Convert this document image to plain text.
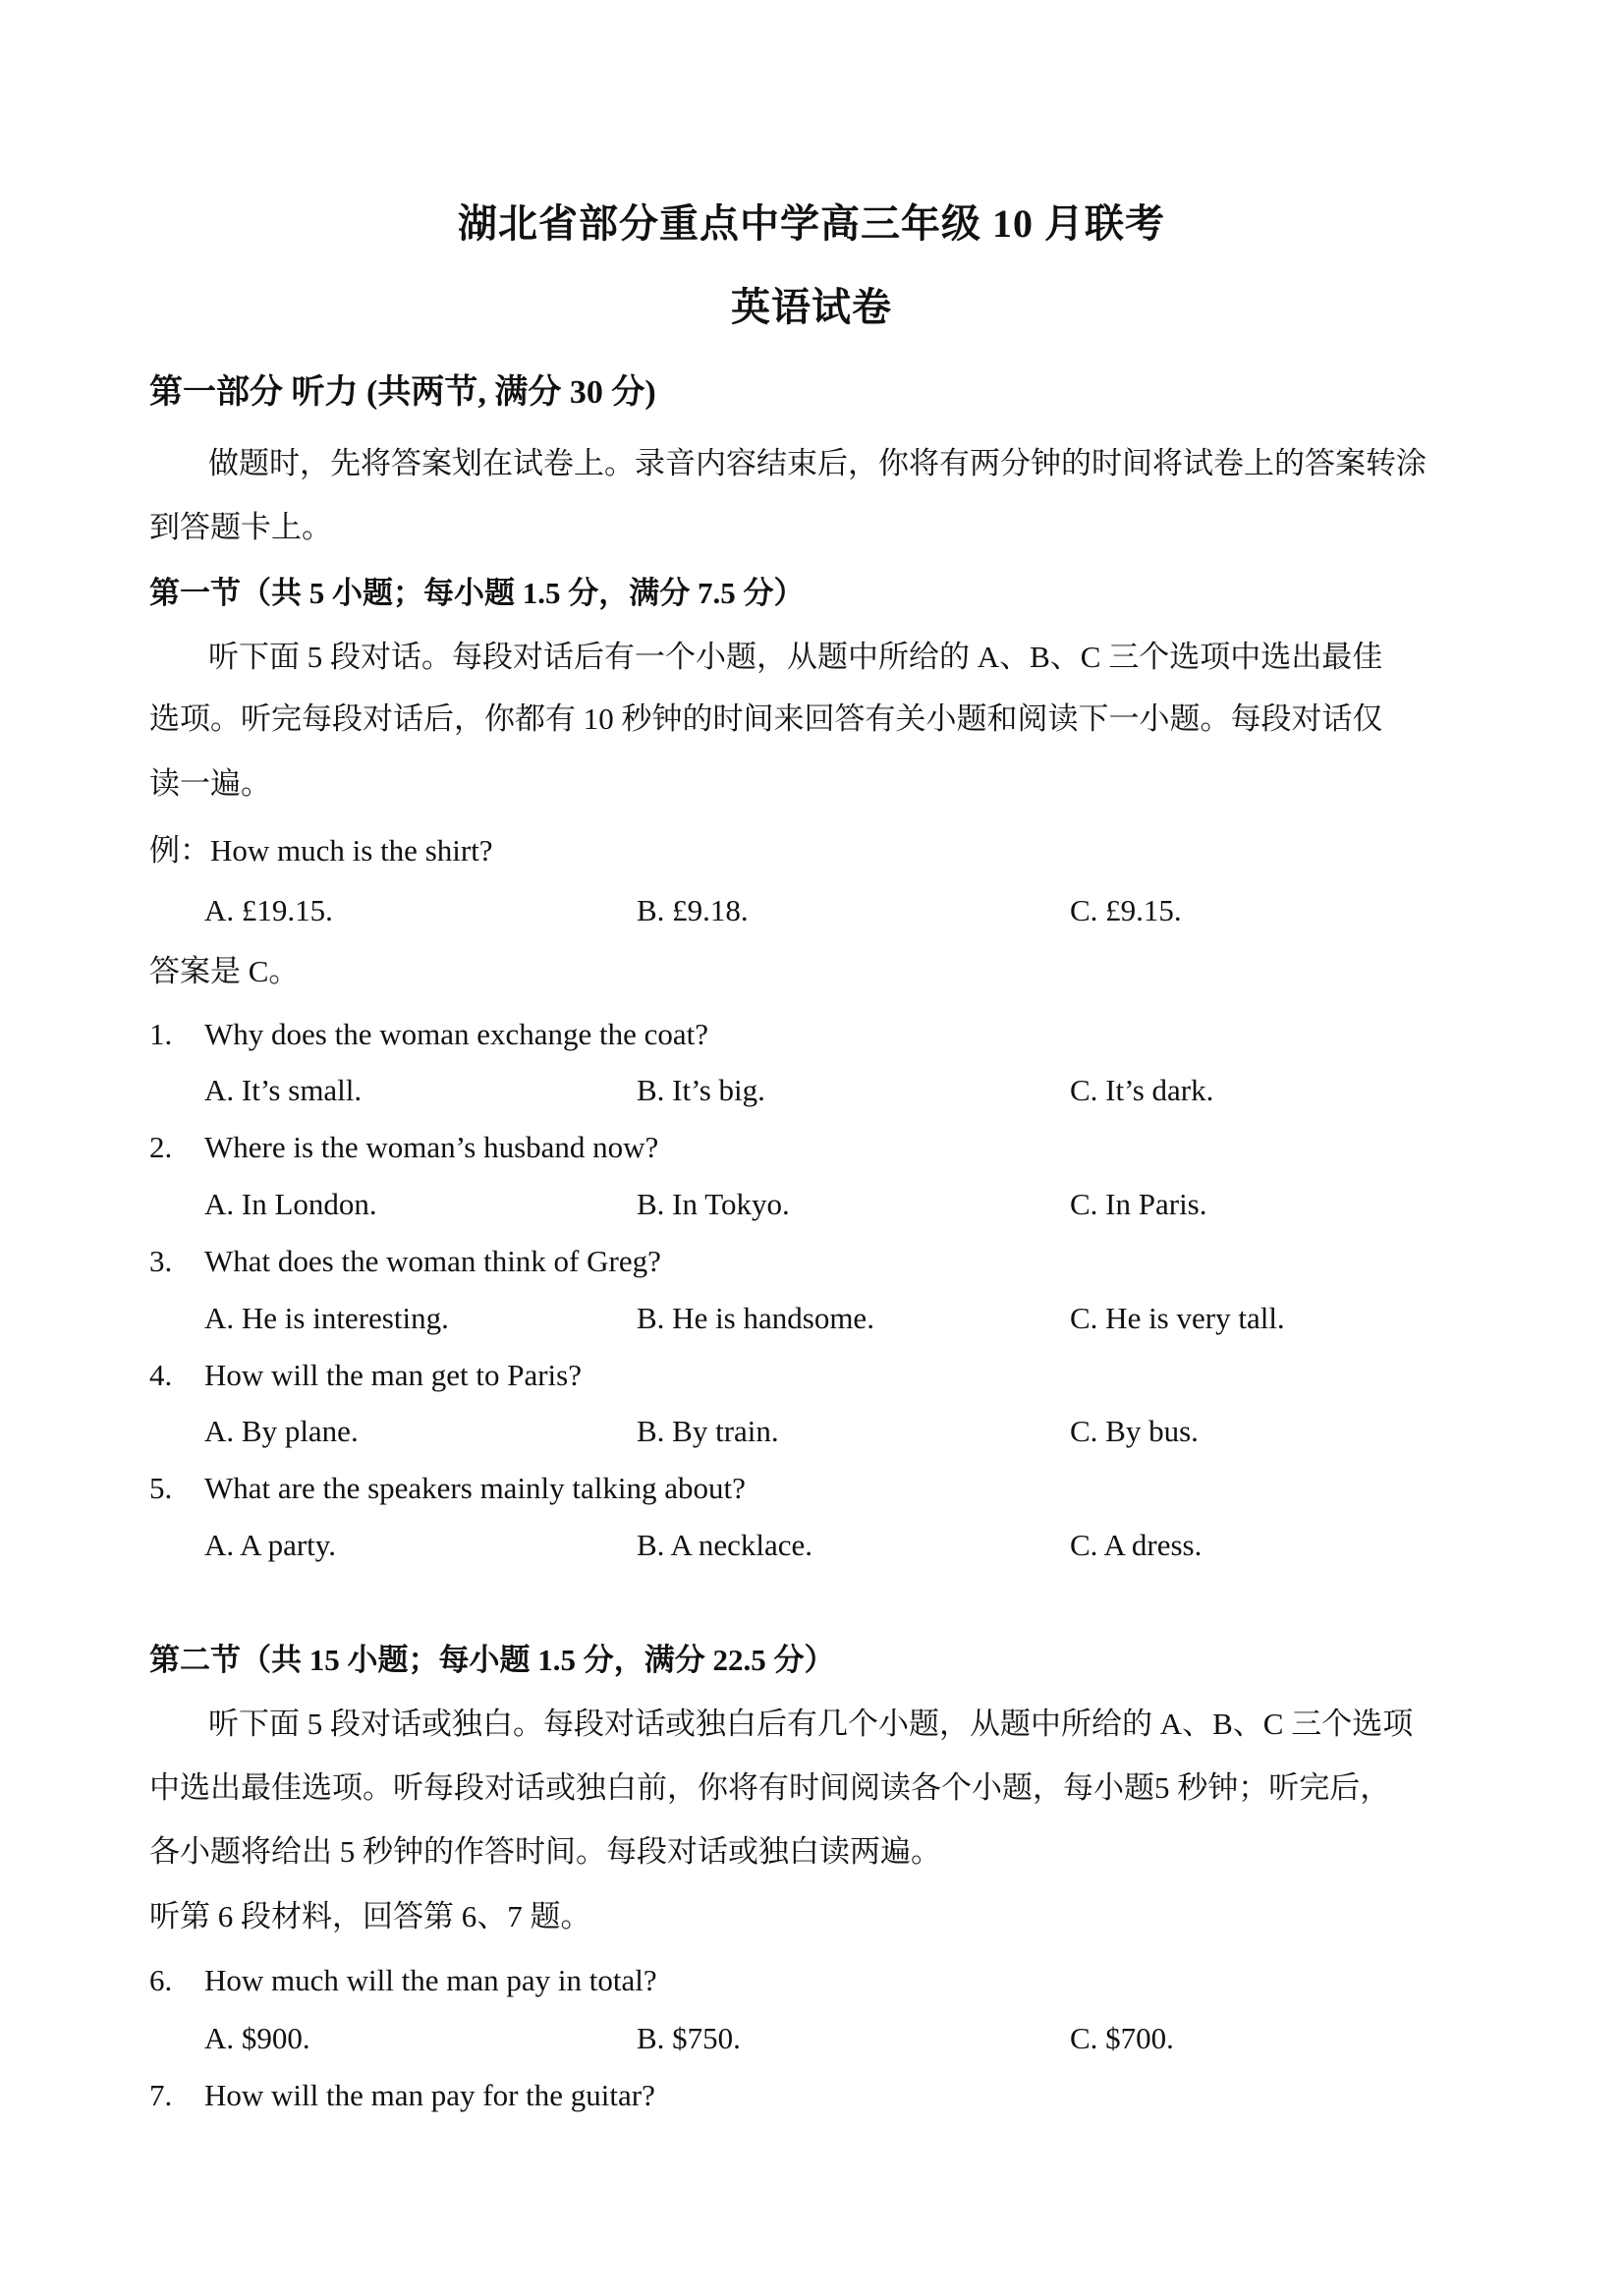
湖北省部分重点中学高三年级 10 月联考
英语试卷
第一部分 听力 (共两节, 满分 30 分)
做题时，先将答案划在试卷上。录音内容结束后，你将有两分钟的时间将试卷上的答案转涂
到答题卡上。
第一节（共 5 小题；每小题 1.5 分，满分 7.5 分）
听下面 5 段对话。每段对话后有一个小题，从题中所给的 A、B、C 三个选项中选出最佳
选项。听完每段对话后，你都有 10 秒钟的时间来回答有关小题和阅读下一小题。每段对话仅
读一遍。
例：How much is the shirt?
A. £19.15.	B. £9.18.	C. £9.15.
答案是 C。
1. Why does the woman exchange the coat?
A. It’s small.	B. It’s big.	C. It’s dark.
2. Where is the woman’s husband now?
A. In London.	B. In Tokyo.	C. In Paris.
3. What does the woman think of Greg?
A. He is interesting.	B. He is handsome.	C. He is very tall.
4. How will the man get to Paris?
A. By plane.	B. By train.	C. By bus.
5. What are the speakers mainly talking about?
A. A party.	B. A necklace.	C. A dress.
第二节（共 15 小题；每小题 1.5 分，满分 22.5 分）
听下面 5 段对话或独白。每段对话或独白后有几个小题，从题中所给的 A、B、C 三个选项
中选出最佳选项。听每段对话或独白前，你将有时间阅读各个小题，每小题5 秒钟；听完后，
各小题将给出 5 秒钟的作答时间。每段对话或独白读两遍。
听第 6 段材料，回答第 6、7 题。
6. How much will the man pay in total?
A. $900.	B. $750.	C. $700.
7. How will the man pay for the guitar?
